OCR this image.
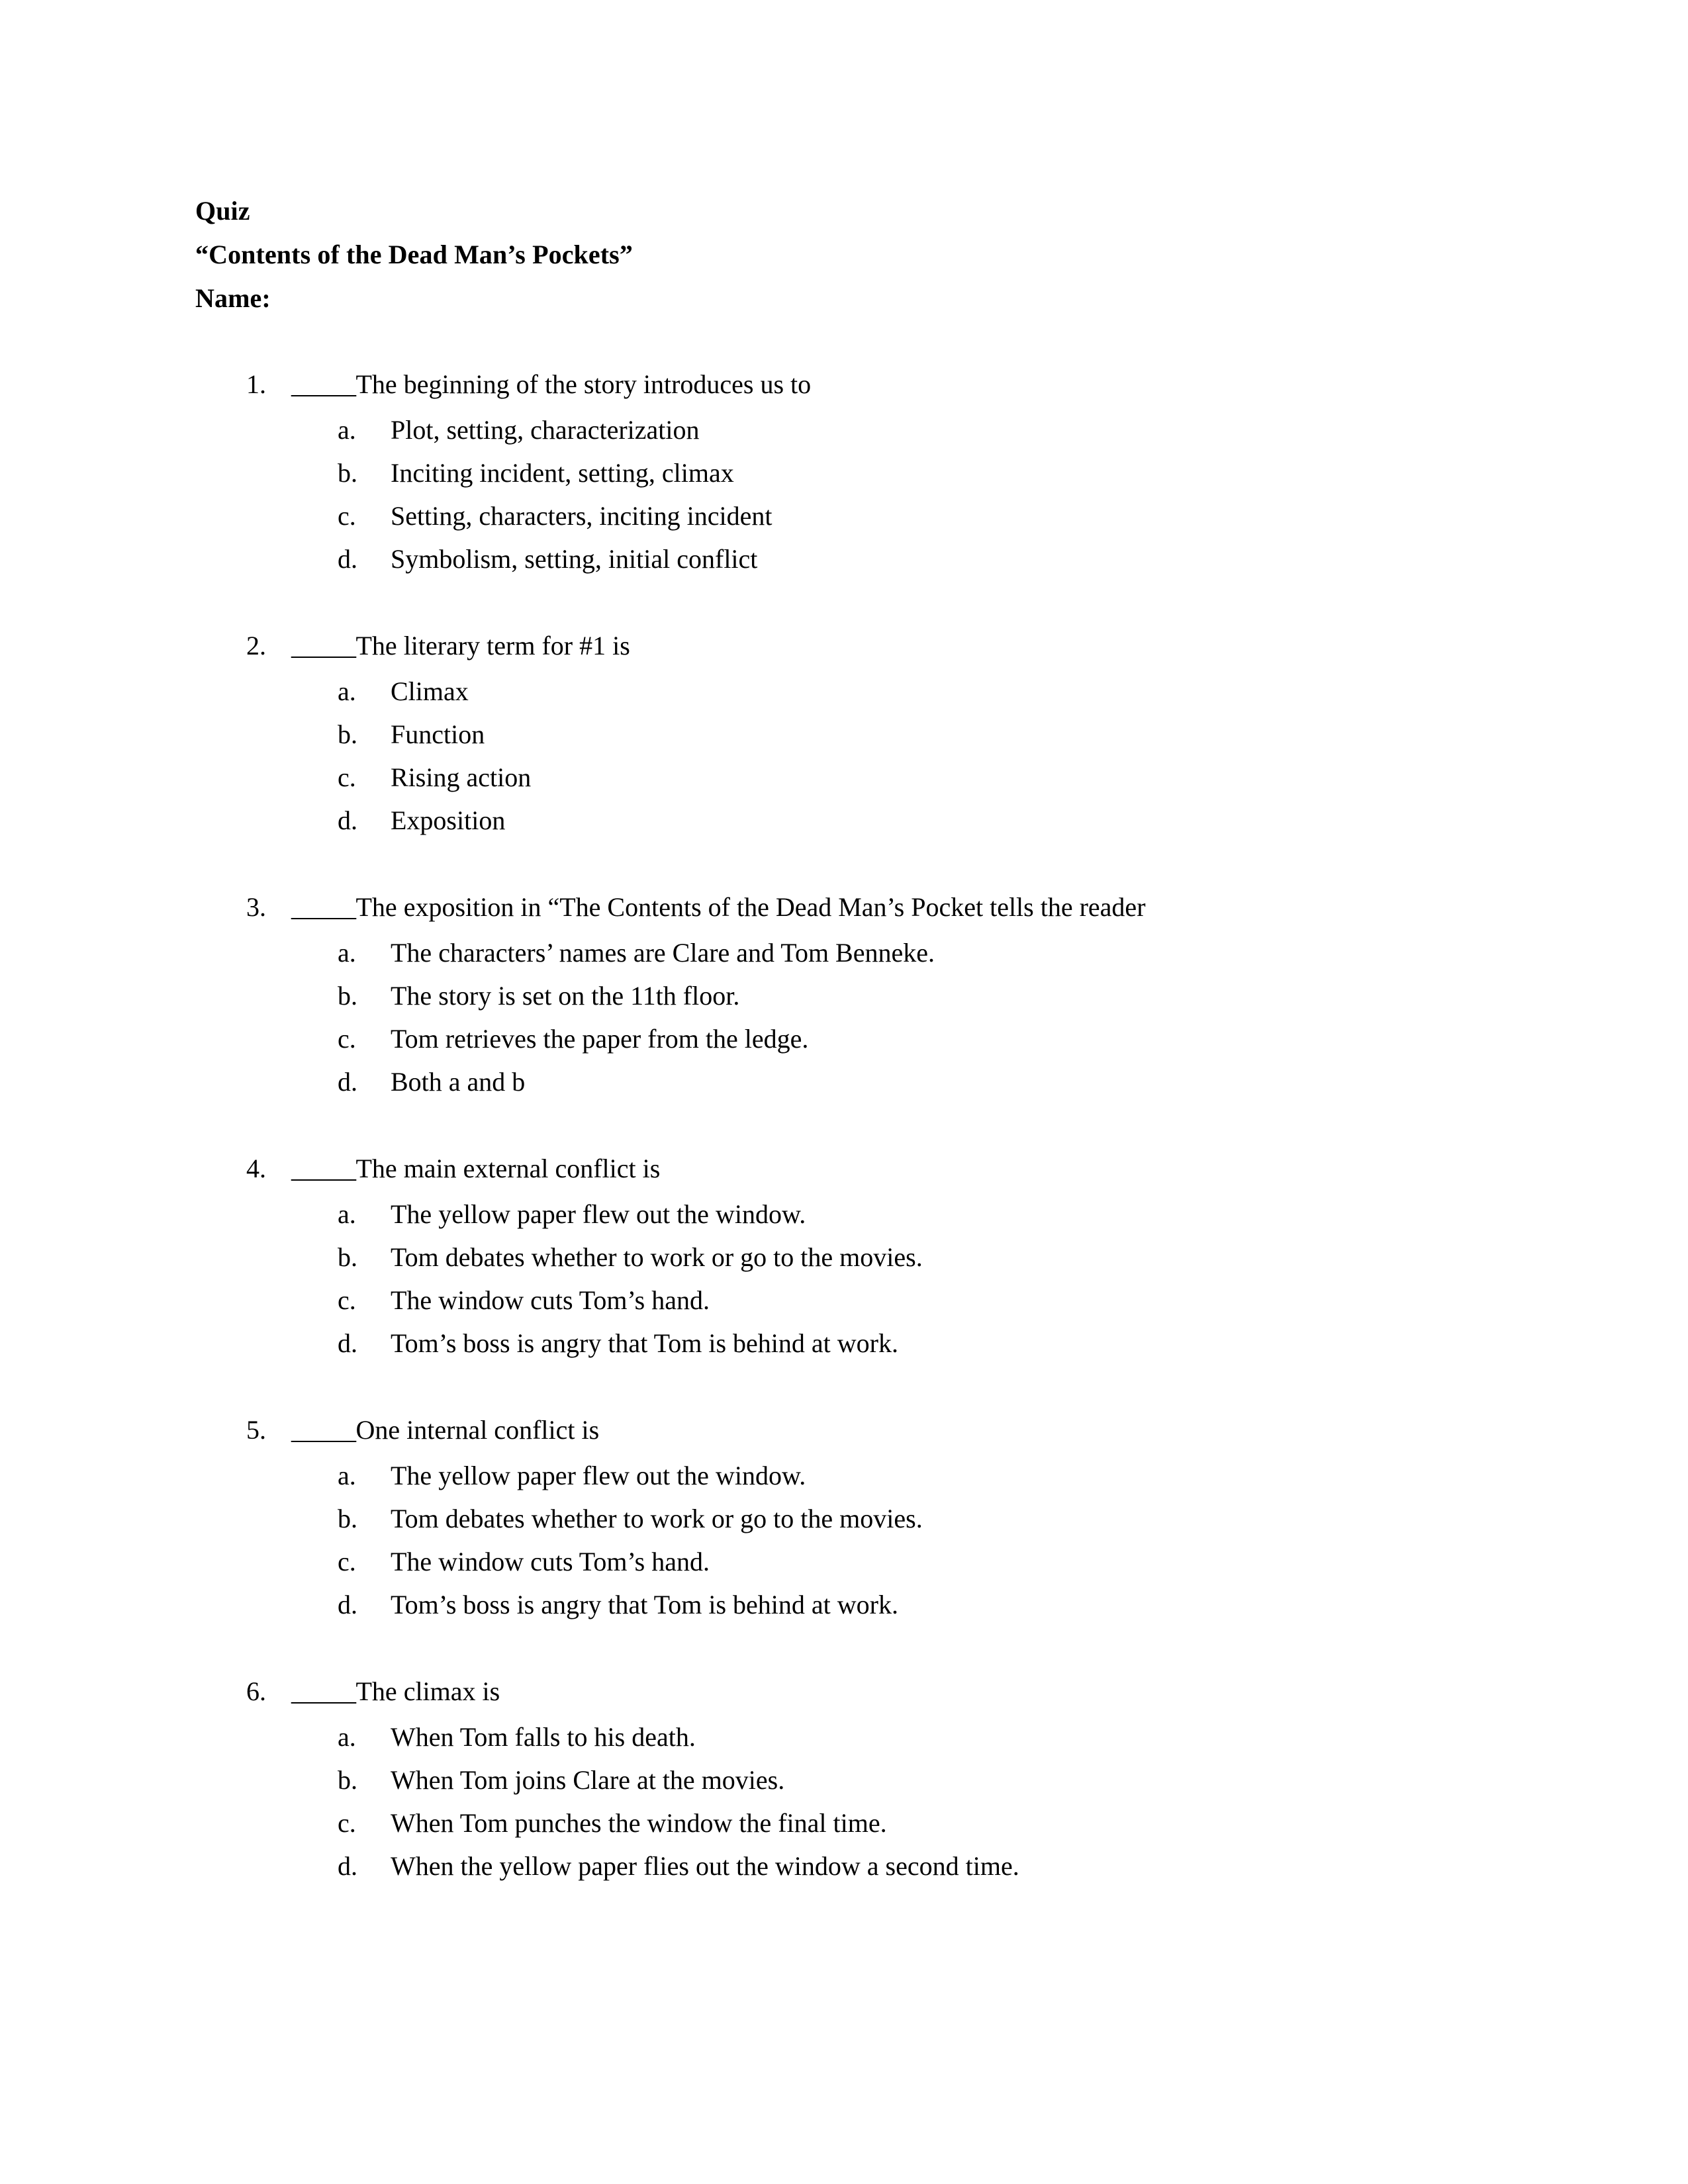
Quiz
“Contents of the Dead Man’s Pockets”
Name:
1. _____ The beginning of the story introduces us to
a.	Plot, setting, characterization
b.	Inciting incident, setting, climax
c.	Setting, characters, inciting incident
d.	Symbolism, setting, initial conflict
2. _____ The literary term for #1 is
a.	Climax
b.	Function
c.	Rising action
d.	Exposition
3. _____ The exposition in “The Contents of the Dead Man’s Pocket tells the reader
a.	The characters’ names are Clare and Tom Benneke.
b.	The story is set on the 11th floor.
c.	Tom retrieves the paper from the ledge.
d.	Both a and b
4. _____ The main external conflict is
a.	The yellow paper flew out the window.
b.	Tom debates whether to work or go to the movies.
c.	The window cuts Tom’s hand.
d.	Tom’s boss is angry that Tom is behind at work.
5. _____ One internal conflict is
a.	The yellow paper flew out the window.
b.	Tom debates whether to work or go to the movies.
c.	The window cuts Tom’s hand.
d.	Tom’s boss is angry that Tom is behind at work.
6. _____ The climax is
a.	When Tom falls to his death.
b.	When Tom joins Clare at the movies.
c.	When Tom punches the window the final time.
d.	When the yellow paper flies out the window a second time.
